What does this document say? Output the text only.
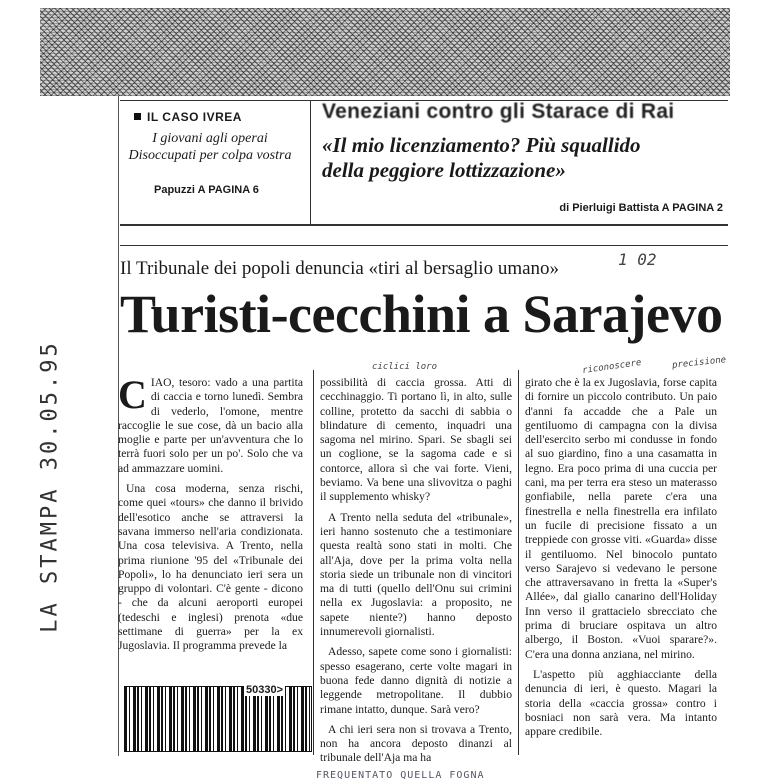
IL CASO IVREA
I giovani agli operai
Disoccupati per colpa vostra
Papuzzi A PAGINA 6
Veneziani contro gli Starace di Rai
«Il mio licenziamento? Più squallido
della peggiore lottizzazione»
di Pierluigi Battista A PAGINA 2
Il Tribunale dei popoli denuncia «tiri al bersaglio umano»
Turisti-cecchini a Sarajevo

CIAO, tesoro: vado a una partita di caccia e torno lunedì. Sembra di vederlo, l'omone, mentre raccoglie le sue cose, dà un bacio alla moglie e parte per un'avventura che lo terrà fuori solo per un po'. Solo che va ad ammazzare uomini.

Una cosa moderna, senza rischi, come quei «tours» che danno il brivido dell'esotico anche se attraversi la savana immerso nell'aria condizionata. Una cosa televisiva. A Trento, nella prima riunione '95 del «Tribunale dei Popoli», lo ha denunciato ieri sera un gruppo di volontari. C'è gente - dicono - che da alcuni aeroporti europei (tedeschi e inglesi) prenota «due settimane di guerra» per la ex Jugoslavia. Il programma prevede la

possibilità di caccia grossa. Atti di cecchinaggio. Ti portano lì, in alto, sulle colline, protetto da sacchi di sabbia o blindature di cemento, inquadri una sagoma nel mirino. Spari. Se sbagli sei un coglione, se la sagoma cade e si contorce, allora sì che vai forte. Vieni, beviamo. Va bene una slivovitza o paghi il supplemento whisky?

A Trento nella seduta del «tribunale», ieri hanno sostenuto che a testimoniare questa realtà sono stati in molti. Che all'Aja, dove per la prima volta nella storia siede un tribunale non di vincitori ma di tutti (quello dell'Onu sui crimini nella ex Jugoslavia: a proposito, ne sapete niente?) hanno deposto innumerevoli giornalisti.

Adesso, sapete come sono i giornalisti: spesso esagerano, certe volte magari in buona fede danno dignità di notizie a leggende metropolitane. Il dubbio rimane intatto, dunque. Sarà vero?

A chi ieri sera non si trovava a Trento, non ha ancora deposto dinanzi al tribunale dell'Aja ma ha

girato che è la ex Jugoslavia, forse capita di fornire un piccolo contributo. Un paio d'anni fa accadde che a Pale un gentiluomo di campagna con la divisa dell'esercito serbo mi condusse in fondo al suo giardino, fino a una casamatta in legno. Era poco prima di una cuccia per cani, ma per terra era steso un materasso gonfiabile, nella parete c'era una finestrella e nella finestrella era infilato un fucile di precisione fissato a un treppiede con grosse viti. «Guarda» disse il gentiluomo. Nel binocolo puntato verso Sarajevo si vedevano le persone che attraversavano in fretta la «Super's Allée», dal giallo canarino dell'Holiday Inn verso il grattacielo sbrecciato che prima di bruciare ospitava un altro albergo, il Boston. «Vuoi sparare?». C'era una donna anziana, nel mirino.

L'aspetto più agghiacciante della denuncia di ieri, è questo. Magari la storia della «caccia grossa» contro i bosniaci non sarà vera. Ma intanto appare credibile.

50330>
LA STAMPA 30.05.95
1 02
ciclici loro	riconoscere	precisione
FREQUENTATO QUELLA FOGNA
